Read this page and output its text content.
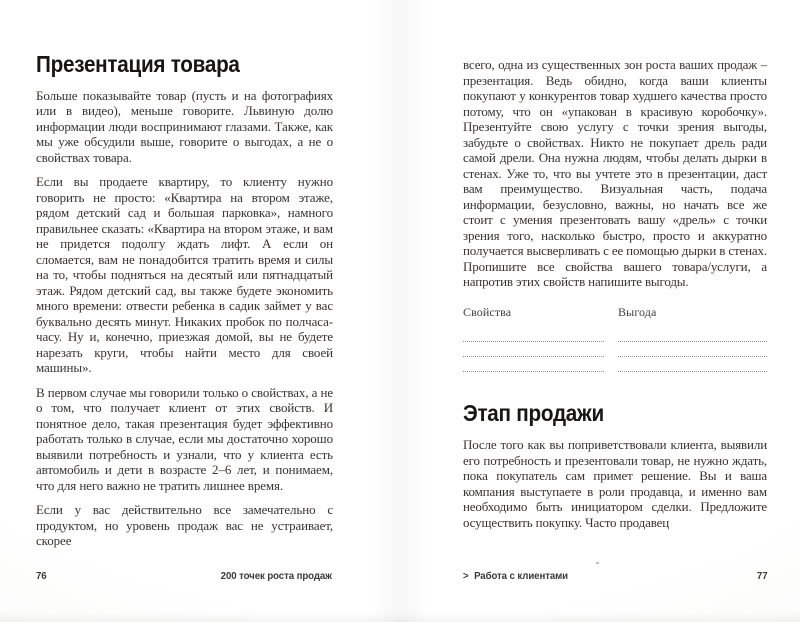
Презентация товара

Больше показывайте товар (пусть и на фотографиях или в видео), меньше говорите. Львиную долю информации люди воспринимают глазами. Также, как мы уже обсудили выше, говорите о выгодах, а не о свойствах товара.

Если вы продаете квартиру, то клиенту нужно говорить не просто: «Квартира на втором этаже, рядом детский сад и большая парковка», намного правильнее сказать: «Квартира на втором этаже, и вам не придется подолгу ждать лифт. А если он сломается, вам не понадобится тратить время и силы на то, чтобы подняться на десятый или пятнадцатый этаж. Рядом детский сад, вы также будете экономить много времени: отвести ребенка в садик займет у вас буквально десять минут. Никаких пробок по полчаса-часу. Ну и, конечно, приезжая домой, вы не будете нарезать круги, чтобы найти место для своей машины».

В первом случае мы говорили только о свойствах, а не о том, что получает клиент от этих свойств. И понятное дело, такая презентация будет эффективно работать только в случае, если мы достаточно хорошо выявили потребность и узнали, что у клиента есть автомобиль и дети в возрасте 2–6 лет, и понимаем, что для него важно не тратить лишнее время.

Если у вас действительно все замечательно с продуктом, но уровень продаж вас не устраивает, скорее

всего, одна из существенных зон роста ваших продаж – презентация. Ведь обидно, когда ваши клиенты покупают у конкурентов товар худшего качества просто потому, что он «упакован в красивую коробочку». Презентуйте свою услугу с точки зрения выгоды, забудьте о свойствах. Никто не покупает дрель ради самой дрели. Она нужна людям, чтобы делать дырки в стенах. Уже то, что вы учтете это в презентации, даст вам преимущество. Визуальная часть, подача информации, безусловно, важны, но начать все же стоит с умения презентовать вашу «дрель» с точки зрения того, насколько быстро, просто и аккуратно получается высверливать с ее помощью дырки в стенах. Пропишите все свойства вашего товара/услуги, а напротив этих свойств напишите выгоды.

Свойства	Выгода
Этап продажи

После того как вы поприветствовали клиента, выявили его потребность и презентовали товар, не нужно ждать, пока покупатель сам примет решение. Вы и ваша компания выступаете в роли продавца, и именно вам необходимо быть инициатором сделки. Предложите осуществить покупку. Часто продавец

76	200 точек роста продаж	> Работа с клиентами	77
